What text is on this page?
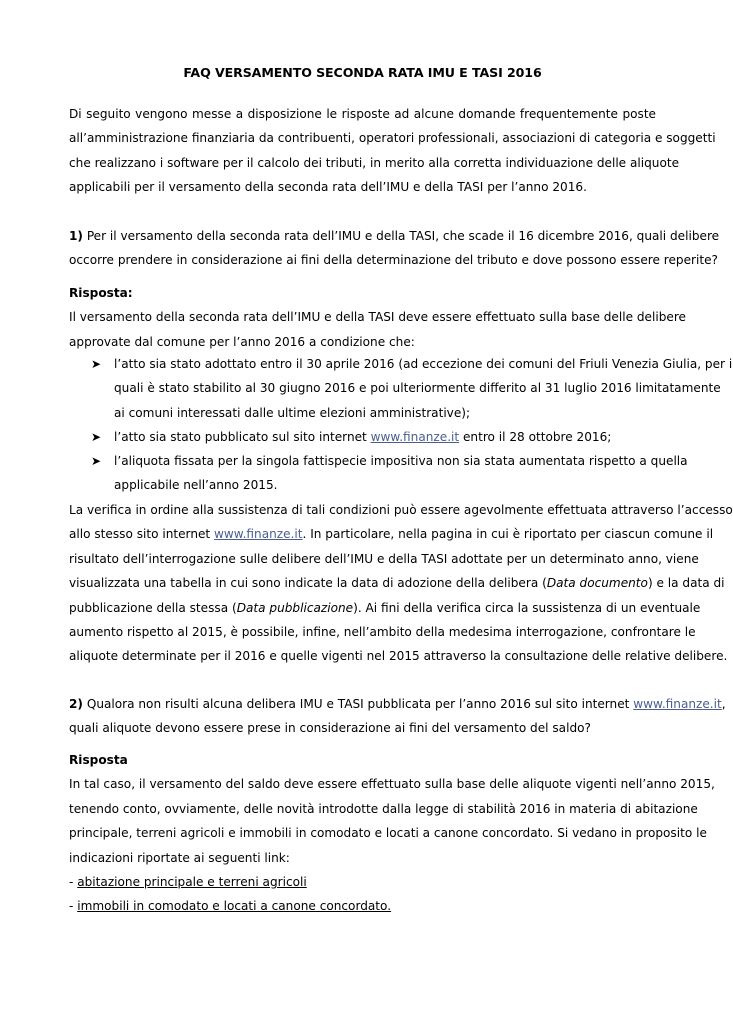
FAQ VERSAMENTO SECONDA RATA IMU E TASI 2016
Di seguito vengono messe a disposizione le risposte ad alcune domande frequentemente poste
all’amministrazione finanziaria da contribuenti, operatori professionali, associazioni di categoria e soggetti
che realizzano i software per il calcolo dei tributi, in merito alla corretta individuazione delle aliquote
applicabili per il versamento della seconda rata dell’IMU e della TASI per l’anno 2016.
1) Per il versamento della seconda rata dell’IMU e della TASI, che scade il 16 dicembre 2016, quali delibere
occorre prendere in considerazione ai fini della determinazione del tributo e dove possono essere reperite?
Risposta:
Il versamento della seconda rata dell’IMU e della TASI deve essere effettuato sulla base delle delibere
approvate dal comune per l’anno 2016 a condizione che:
➤	l’atto sia stato adottato entro il 30 aprile 2016 (ad eccezione dei comuni del Friuli Venezia Giulia, per i
quali è stato stabilito al 30 giugno 2016 e poi ulteriormente differito al 31 luglio 2016 limitatamente
ai comuni interessati dalle ultime elezioni amministrative);
➤	l’atto sia stato pubblicato sul sito internet www.finanze.it entro il 28 ottobre 2016;
➤	l’aliquota fissata per la singola fattispecie impositiva non sia stata aumentata rispetto a quella
applicabile nell’anno 2015.
La verifica in ordine alla sussistenza di tali condizioni può essere agevolmente effettuata attraverso l’accesso
allo stesso sito internet www.finanze.it. In particolare, nella pagina in cui è riportato per ciascun comune il
risultato dell’interrogazione sulle delibere dell’IMU e della TASI adottate per un determinato anno, viene
visualizzata una tabella in cui sono indicate la data di adozione della delibera (Data documento) e la data di
pubblicazione della stessa (Data pubblicazione). Ai fini della verifica circa la sussistenza di un eventuale
aumento rispetto al 2015, è possibile, infine, nell’ambito della medesima interrogazione, confrontare le
aliquote determinate per il 2016 e quelle vigenti nel 2015 attraverso la consultazione delle relative delibere.
2) Qualora non risulti alcuna delibera IMU e TASI pubblicata per l’anno 2016 sul sito internet www.finanze.it,
quali aliquote devono essere prese in considerazione ai fini del versamento del saldo?
Risposta
In tal caso, il versamento del saldo deve essere effettuato sulla base delle aliquote vigenti nell’anno 2015,
tenendo conto, ovviamente, delle novità introdotte dalla legge di stabilità 2016 in materia di abitazione
principale, terreni agricoli e immobili in comodato e locati a canone concordato. Si vedano in proposito le
indicazioni riportate ai seguenti link:
- abitazione principale e terreni agricoli
- immobili in comodato e locati a canone concordato.
